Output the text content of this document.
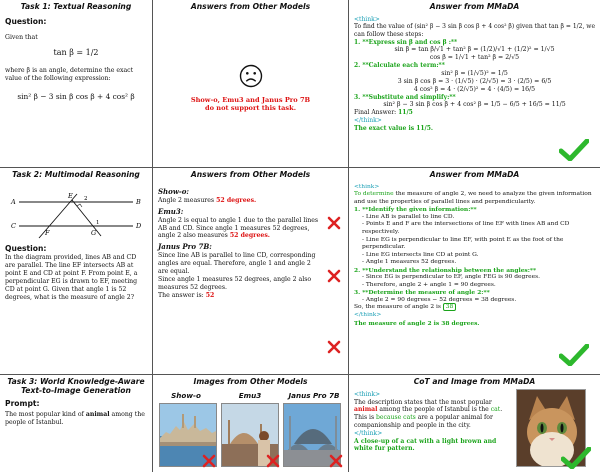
Task 1: Textual Reasoning
Question:
Given that
tan β = 1/2
where β is an angle, determine the exact value of the following expression:
sin² β − 3 sin β cos β + 4 cos² β
Answers from Other Models
Show-o, Emu3 and Janus Pro 7B
do not support this task.
Answer from MMaDA
<think>
To find the value of (sin² β − 3 sin β cos β + 4 cos² β) given that tan β = 1/2, we can follow these steps:
1. **Express sin β and cos β :**
sin β = tan β/√1 + tan² β = (1/2)/√1 + (1/2)² = 1/√5
cos β = 1/√1 + tan² β = 2/√5
2. **Calculate each term:**
sin² β = (1/√5)² = 1/5
3 sin β cos β = 3 · (1/√5) · (2/√5) = 3 · (2/5) = 6/5
4 cos² β = 4 · (2/√5)² = 4 · (4/5) = 16/5
3. **Substitute and simplify:**
sin² β − 3 sin β cos β + 4 cos² β = 1/5 − 6/5 + 16/5 = 11/5
Final Answer: 11/5
</think>
The exact value is 11/5.
Task 2: Multimodal Reasoning
A
E 2	B
1
C
F	G
D
Question:
In the diagram provided, lines AB and CD are parallel. The line EF intersects AB at point E and CD at point F. From point E, a perpendicular EG is drawn to EF, meeting CD at point G. Given that angle 1 is 52 degrees, what is the measure of angle 2?
Answers from Other Models
Show-o:
Angle 2 measures 52 degrees.
Emu3:
Angle 2 is equal to angle 1 due to the parallel lines AB and CD. Since angle 1 measures 52 degrees, angle 2 also measures 52 degrees.
Janus Pro 7B:
Since line AB is parallel to line CD, corresponding angles are equal. Therefore, angle 1 and angle 2 are equal.
Since angle 1 measures 52 degrees, angle 2 also measures 52 degrees.
The answer is: 52
Answer from MMaDA
<think>
To determine the measure of angle 2, we need to analyze the given information and use the properties of parallel lines and perpendicularity.
1. **Identify the given information:**
- Line AB is parallel to line CD.
- Points E and F are the intersections of line EF with lines AB and CD respectively.
- Line EG is perpendicular to line EF, with point E as the foot of the perpendicular.
- Line EG intersects line CD at point G.
- Angle 1 measures 52 degrees.
2. **Understand the relationship between the angles:**
- Since EG is perpendicular to EF, angle FEG is 90 degrees.
- Therefore, angle 2 + angle 1 = 90 degrees.
3. **Determine the measure of angle 2:**
- Angle 2 = 90 degrees − 52 degrees = 38 degrees.
So, the measure of angle 2 is 38
</think>
The measure of angle 2 is 38 degrees.
Task 3: World Knowledge-Aware
Text-to-Image Generation
Prompt:
The most popular kind of animal among the people of Istanbul.
Images from Other Models
Show-o	Emu3	Janus Pro 7B
CoT and Image from MMaDA
<think>
The description states that the most popular animal among the people of Istanbul is the cat. This is because cats are a popular animal for companionship and people in the city.
</think>
A close-up of a cat with a light brown and white fur pattern.
